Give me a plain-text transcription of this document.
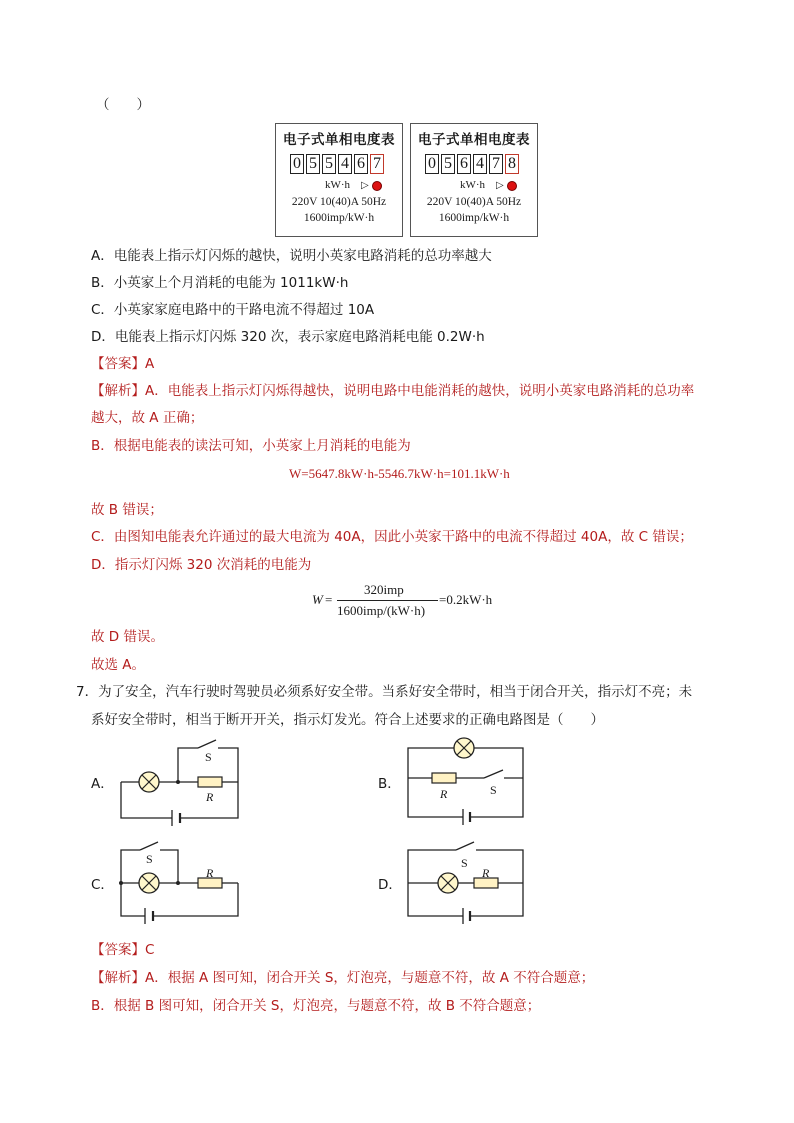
（　　）
电子式单相电度表
0 5 5 4 6 7
kW·h ▷
220V 10(40)A 50Hz
1600imp/kW·h
电子式单相电度表
0 5 6 4 7 8
kW·h ▷
220V 10(40)A 50Hz
1600imp/kW·h
A．电能表上指示灯闪烁的越快，说明小英家电路消耗的总功率越大
B．小英家上个月消耗的电能为 1011kW·h
C．小英家家庭电路中的干路电流不得超过 10A
D．电能表上指示灯闪烁 320 次，表示家庭电路消耗电能 0.2W·h
【答案】A
【解析】A．电能表上指示灯闪烁得越快，说明电路中电能消耗的越快，说明小英家电路消耗的总功率
越大，故 A 正确；
B．根据电能表的读法可知，小英家上月消耗的电能为
W=5647.8kW·h-5546.7kW·h=101.1kW·h
故 B 错误；
C．由图知电能表允许通过的最大电流为 40A，因此小英家干路中的电流不得超过 40A，故 C 错误；
D．指示灯闪烁 320 次消耗的电能为
W =
320imp
1600imp/(kW·h)
=0.2kW·h
故 D 错误。
故选 A。
7．为了安全，汽车行驶时驾驶员必须系好安全带。当系好安全带时，相当于闭合开关，指示灯不亮；未
系好安全带时，相当于断开开关，指示灯发光。符合上述要求的正确电路图是（　　）
A．
S
R
B．
R	S
C．
S
R
D．
S
R
【答案】C
【解析】A．根据 A 图可知，闭合开关 S，灯泡亮，与题意不符，故 A 不符合题意；
B．根据 B 图可知，闭合开关 S，灯泡亮，与题意不符，故 B 不符合题意；
